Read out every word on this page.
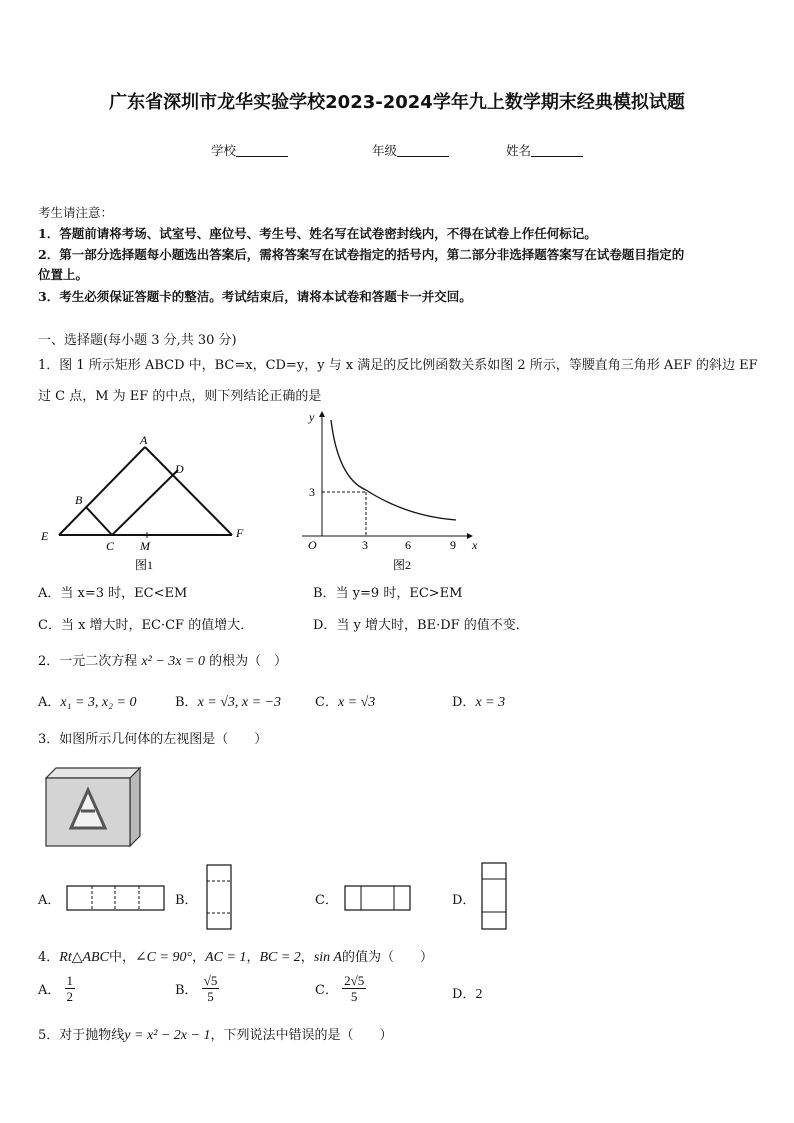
广东省深圳市龙华实验学校2023-2024学年九上数学期末经典模拟试题
学校	年级	姓名
考生请注意：
1．答题前请将考场、试室号、座位号、考生号、姓名写在试卷密封线内，不得在试卷上作任何标记。
2．第一部分选择题每小题选出答案后，需将答案写在试卷指定的括号内，第二部分非选择题答案写在试卷题目指定的
位置上。
3．考生必须保证答题卡的整洁。考试结束后，请将本试卷和答题卡一并交回。
一、选择题(每小题 3 分,共 30 分)
1．图 1 所示矩形 ABCD 中，BC=x，CD=y，y 与 x 满足的反比例函数关系如图 2 所示，等腰直角三角形 AEF 的斜边 EF
过 C 点，M 为 EF 的中点，则下列结论正确的是
A
B
C
D
E	F
M
图1
y
x
O
3
3	6	9
图2
A．当 x=3 时，EC<EM	B．当 y=9 时，EC>EM
C．当 x 增大时，EC·CF 的值增大．	D．当 y 增大时，BE·DF 的值不变．
2．一元二次方程 x² − 3x = 0 的根为（　）
A．x₁ = 3, x₂ = 0	B．x = √3, x = −3	C．x = √3	D．x = 3
3．如图所示几何体的左视图是（　　）
A．	B．	C．	D．
4．Rt△ABC中，∠C = 90°，AC = 1，BC = 2，sin A的值为（　　）
A． $\frac{1}{2}$	B． $\frac{√5}{5}$	C． $\frac{2√5}{5}$	D．2
5．对于抛物线y = x² − 2x − 1，下列说法中错误的是（　　）
